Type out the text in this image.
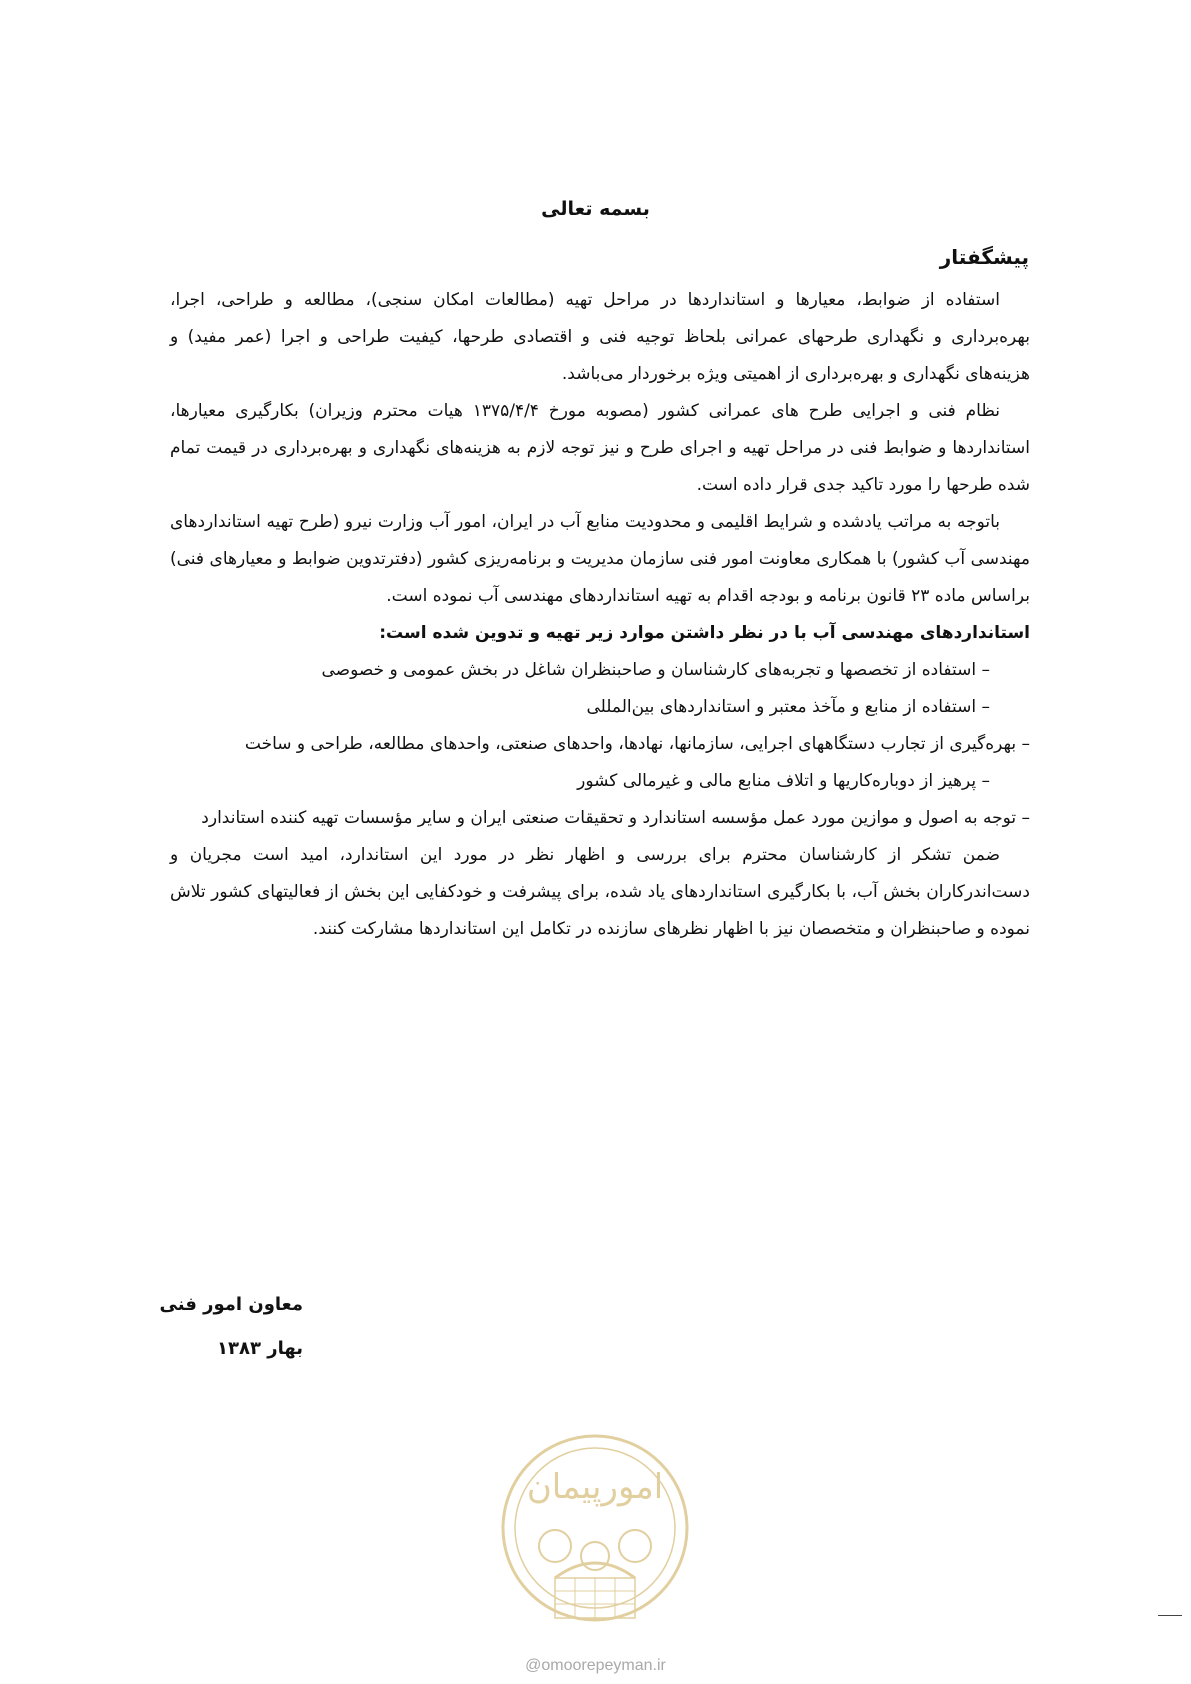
بسمه تعالی
پیشگفتار

استفاده از ضوابط، معیارها و استانداردها در مراحل تهیه (مطالعات امکان سنجی)، مطالعه و طراحی، اجرا، بهره‌برداری و نگهداری طرحهای عمرانی بلحاظ توجیه فنی و اقتصادی طرحها، کیفیت طراحی و اجرا (عمر مفید) و هزینه‌های نگهداری و بهره‌برداری از اهمیتی ویژه برخوردار می‌باشد.

نظام فنی و اجرایی طرح های عمرانی کشور (مصوبه مورخ ۱۳۷۵/۴/۴ هیات محترم وزیران) بکارگیری معیارها، استانداردها و ضوابط فنی در مراحل تهیه و اجرای طرح و نیز توجه لازم به هزینه‌های نگهداری و بهره‌برداری در قیمت تمام شده طرحها را مورد تاکید جدی قرار داده است.

باتوجه به مراتب یادشده و شرایط اقلیمی و محدودیت منابع آب در ایران، امور آب وزارت نیرو (طرح تهیه استانداردهای مهندسی آب کشور) با همکاری معاونت امور فنی سازمان مدیریت و برنامه‌ریزی کشور (دفترتدوین ضوابط و معیارهای فنی) براساس ماده ۲۳ قانون برنامه و بودجه اقدام به تهیه استانداردهای مهندسی آب نموده است.

استانداردهای مهندسی آب با در نظر داشتن موارد زیر تهیه و تدوین شده است:

– استفاده از تخصصها و تجربه‌های کارشناسان و صاحبنظران شاغل در بخش عمومی و خصوصی

– استفاده از منابع و مآخذ معتبر و استانداردهای بین‌المللی

– بهره‌گیری از تجارب دستگاههای اجرایی، سازمانها، نهادها، واحدهای صنعتی، واحدهای مطالعه، طراحی و ساخت

– پرهیز از دوباره‌کاریها و اتلاف منابع مالی و غیرمالی کشور

– توجه به اصول و موازین مورد عمل مؤسسه استاندارد و تحقیقات صنعتی ایران و سایر مؤسسات تهیه کننده استاندارد

ضمن تشکر از کارشناسان محترم برای بررسی و اظهار نظر در مورد این استاندارد، امید است مجریان و دست‌اندرکاران بخش آب، با بکارگیری استانداردهای یاد شده، برای پیشرفت و خودکفایی این بخش از فعالیتهای کشور تلاش نموده و صاحبنظران و متخصصان نیز با اظهار نظرهای سازنده در تکامل این استانداردها مشارکت کنند.

معاون امور فنی
بهار ۱۳۸۳
امورپیمان
@omoorepeyman.ir
